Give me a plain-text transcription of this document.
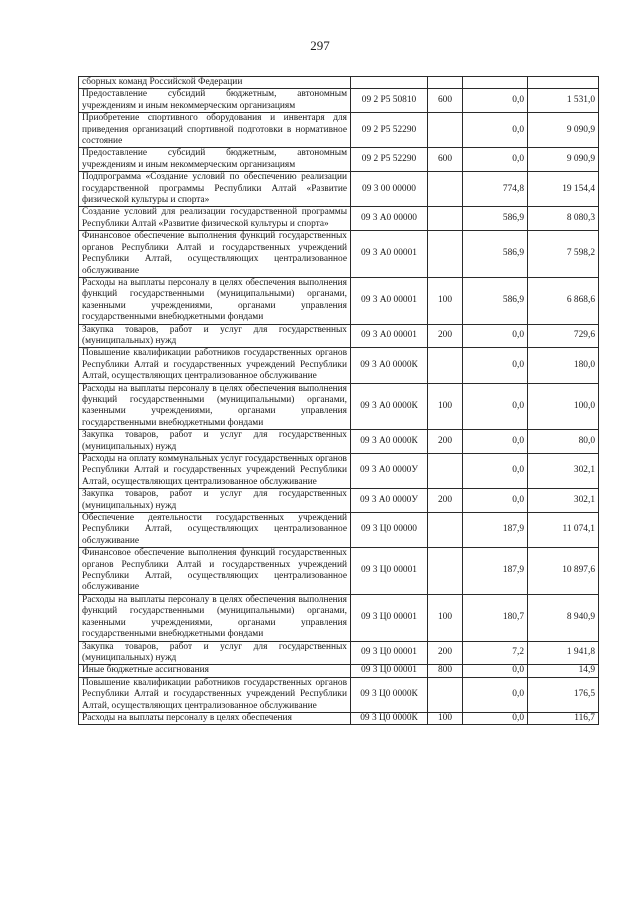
297
сборных команд Российской Федерации				
Предоставление субсидий бюджетным, автономным учреждениям и иным некоммерческим организациям	09 2 P5 50810	600	0,0	1 531,0
Приобретение спортивного оборудования и инвентаря для приведения организаций спортивной подготовки в нормативное состояние	09 2 P5 52290		0,0	9 090,9
Предоставление субсидий бюджетным, автономным учреждениям и иным некоммерческим организациям	09 2 P5 52290	600	0,0	9 090,9
Подпрограмма «Создание условий по обеспечению реализации государственной программы Республики Алтай «Развитие физической культуры и спорта»	09 3 00 00000		774,8	19 154,4
Создание условий для реализации государственной программы Республики Алтай «Развитие физической культуры и спорта»	09 3 А0 00000		586,9	8 080,3
Финансовое обеспечение выполнения функций государственных органов Республики Алтай и государственных учреждений Республики Алтай, осуществляющих централизованное обслуживание	09 3 А0 00001		586,9	7 598,2
Расходы на выплаты персоналу в целях обеспечения выполнения функций государственными (муниципальными) органами, казенными учреждениями, органами управления государственными внебюджетными фондами	09 3 А0 00001	100	586,9	6 868,6
Закупка товаров, работ и услуг для государственных (муниципальных) нужд	09 3 А0 00001	200	0,0	729,6
Повышение квалификации работников государственных органов Республики Алтай и государственных учреждений Республики Алтай, осуществляющих централизованное обслуживание	09 3 А0 0000К		0,0	180,0
Расходы на выплаты персоналу в целях обеспечения выполнения функций государственными (муниципальными) органами, казенными учреждениями, органами управления государственными внебюджетными фондами	09 3 А0 0000К	100	0,0	100,0
Закупка товаров, работ и услуг для государственных (муниципальных) нужд	09 3 А0 0000К	200	0,0	80,0
Расходы на оплату коммунальных услуг государственных органов Республики Алтай и государственных учреждений Республики Алтай, осуществляющих централизованное обслуживание	09 3 А0 0000У		0,0	302,1
Закупка товаров, работ и услуг для государственных (муниципальных) нужд	09 3 А0 0000У	200	0,0	302,1
Обеспечение деятельности государственных учреждений Республики Алтай, осуществляющих централизованное обслуживание	09 3 Ц0 00000		187,9	11 074,1
Финансовое обеспечение выполнения функций государственных органов Республики Алтай и государственных учреждений Республики Алтай, осуществляющих централизованное обслуживание	09 3 Ц0 00001		187,9	10 897,6
Расходы на выплаты персоналу в целях обеспечения выполнения функций государственными (муниципальными) органами, казенными учреждениями, органами управления государственными внебюджетными фондами	09 3 Ц0 00001	100	180,7	8 940,9
Закупка товаров, работ и услуг для государственных (муниципальных) нужд	09 3 Ц0 00001	200	7,2	1 941,8
Иные бюджетные ассигнования	09 3 Ц0 00001	800	0,0	14,9
Повышение квалификации работников государственных органов Республики Алтай и государственных учреждений Республики Алтай, осуществляющих централизованное обслуживание	09 3 Ц0 0000К		0,0	176,5
Расходы на выплаты персоналу в целях обеспечения	09 3 Ц0 0000К	100	0,0	116,7
